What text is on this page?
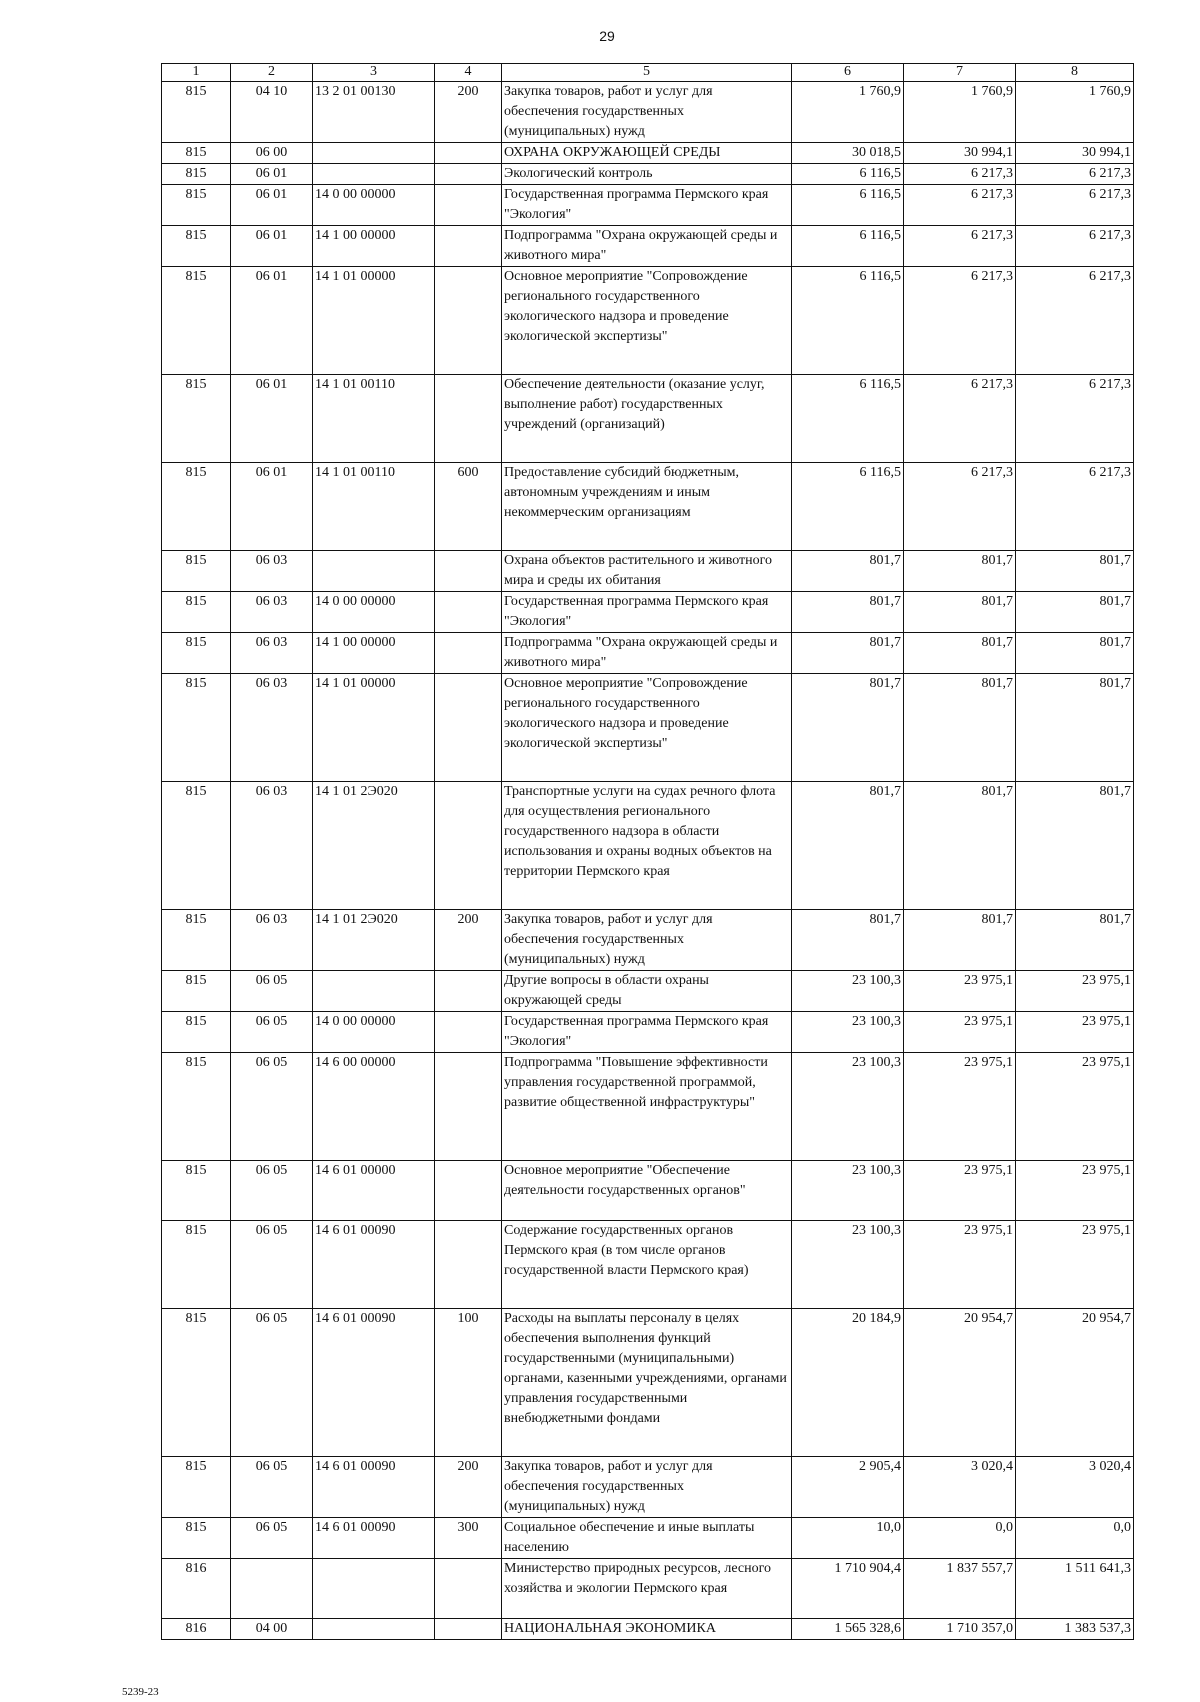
29
1	2	3	4	5	6	7	8
815	04 10	13 2 01 00130	200	Закупка товаров, работ и услуг для обеспечения государственных (муниципальных) нужд	1 760,9	1 760,9	1 760,9
815	06 00			ОХРАНА ОКРУЖАЮЩЕЙ СРЕДЫ	30 018,5	30 994,1	30 994,1
815	06 01			Экологический контроль	6 116,5	6 217,3	6 217,3
815	06 01	14 0 00 00000		Государственная программа Пермского края "Экология"	6 116,5	6 217,3	6 217,3
815	06 01	14 1 00 00000		Подпрограмма "Охрана окружающей среды и животного мира"	6 116,5	6 217,3	6 217,3
815	06 01	14 1 01 00000		Основное мероприятие "Сопровождение регионального государственного экологического надзора и проведение экологической экспертизы"	6 116,5	6 217,3	6 217,3
815	06 01	14 1 01 00110		Обеспечение деятельности (оказание услуг, выполнение работ) государственных учреждений (организаций)	6 116,5	6 217,3	6 217,3
815	06 01	14 1 01 00110	600	Предоставление субсидий бюджетным, автономным учреждениям и иным некоммерческим организациям	6 116,5	6 217,3	6 217,3
815	06 03			Охрана объектов растительного и животного мира и среды их обитания	801,7	801,7	801,7
815	06 03	14 0 00 00000		Государственная программа Пермского края "Экология"	801,7	801,7	801,7
815	06 03	14 1 00 00000		Подпрограмма "Охрана окружающей среды и животного мира"	801,7	801,7	801,7
815	06 03	14 1 01 00000		Основное мероприятие "Сопровождение регионального государственного экологического надзора и проведение экологической экспертизы"	801,7	801,7	801,7
815	06 03	14 1 01 2Э020		Транспортные услуги на судах речного флота для осуществления регионального государственного надзора в области использования и охраны водных объектов на территории Пермского края	801,7	801,7	801,7
815	06 03	14 1 01 2Э020	200	Закупка товаров, работ и услуг для обеспечения государственных (муниципальных) нужд	801,7	801,7	801,7
815	06 05			Другие вопросы в области охраны окружающей среды	23 100,3	23 975,1	23 975,1
815	06 05	14 0 00 00000		Государственная программа Пермского края "Экология"	23 100,3	23 975,1	23 975,1
815	06 05	14 6 00 00000		Подпрограмма "Повышение эффективности управления государственной программой, развитие общественной инфраструктуры"	23 100,3	23 975,1	23 975,1
815	06 05	14 6 01 00000		Основное мероприятие "Обеспечение деятельности государственных органов"	23 100,3	23 975,1	23 975,1
815	06 05	14 6 01 00090		Содержание государственных органов Пермского края (в том числе органов государственной власти Пермского края)	23 100,3	23 975,1	23 975,1
815	06 05	14 6 01 00090	100	Расходы на выплаты персоналу в целях обеспечения выполнения функций государственными (муниципальными) органами, казенными учреждениями, органами управления государственными внебюджетными фондами	20 184,9	20 954,7	20 954,7
815	06 05	14 6 01 00090	200	Закупка товаров, работ и услуг для обеспечения государственных (муниципальных) нужд	2 905,4	3 020,4	3 020,4
815	06 05	14 6 01 00090	300	Социальное обеспечение и иные выплаты населению	10,0	0,0	0,0
816				Министерство природных ресурсов, лесного хозяйства и экологии Пермского края	1 710 904,4	1 837 557,7	1 511 641,3
816	04 00			НАЦИОНАЛЬНАЯ ЭКОНОМИКА	1 565 328,6	1 710 357,0	1 383 537,3
5239-23
